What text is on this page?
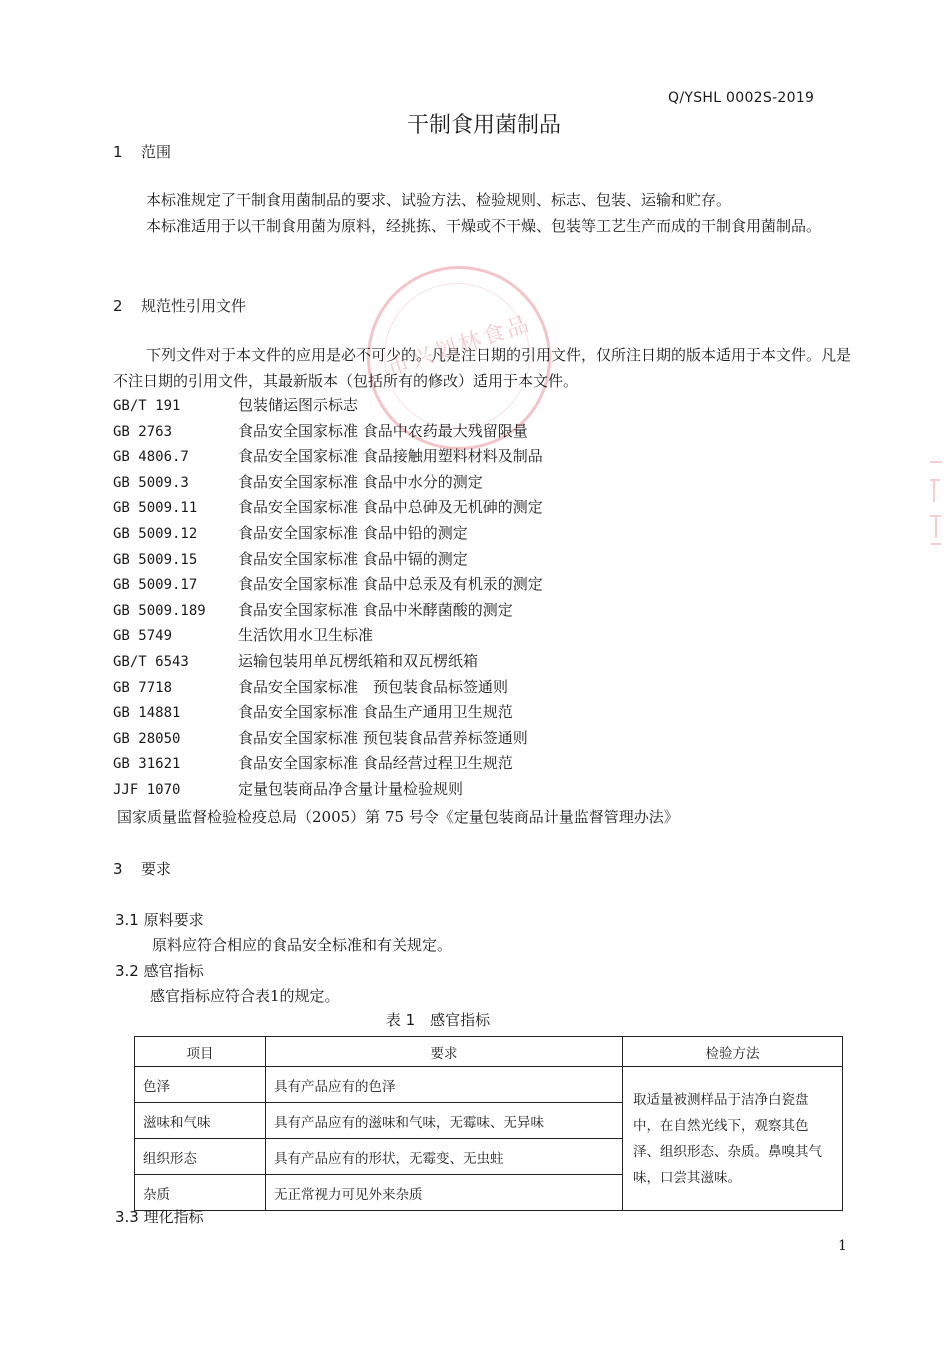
Q/YSHL 0002S-2019
干制食用菌制品
1 范围
本标准规定了干制食用菌制品的要求、试验方法、检验规则、标志、包装、运输和贮存。
本标准适用于以干制食用菌为原料，经挑拣、干燥或不干燥、包装等工艺生产而成的干制食用菌制品。
市兴划林食品
2 规范性引用文件
下列文件对于本文件的应用是必不可少的。凡是注日期的引用文件，仅所注日期的版本适用于本文件。凡是不注日期的引用文件，其最新版本（包括所有的修改）适用于本文件。
GB/T 191	包装储运图示标志
GB 2763	食品安全国家标准 食品中农药最大残留限量
GB 4806.7	食品安全国家标准 食品接触用塑料材料及制品
GB 5009.3	食品安全国家标准 食品中水分的测定
GB 5009.11	食品安全国家标准 食品中总砷及无机砷的测定
GB 5009.12	食品安全国家标准 食品中铅的测定
GB 5009.15	食品安全国家标准 食品中镉的测定
GB 5009.17	食品安全国家标准 食品中总汞及有机汞的测定
GB 5009.189 食品安全国家标准 食品中米酵菌酸的测定
GB 5749	生活饮用水卫生标准
GB/T 6543	运输包装用单瓦楞纸箱和双瓦楞纸箱
GB 7718	食品安全国家标准　预包装食品标签通则
GB 14881	食品安全国家标准 食品生产通用卫生规范
GB 28050	食品安全国家标准 预包装食品营养标签通则
GB 31621	食品安全国家标准 食品经营过程卫生规范
JJF 1070	定量包装商品净含量计量检验规则
国家质量监督检验检疫总局（2005）第 75 号令《定量包装商品计量监督管理办法》
3 要求
3.1 原料要求
原料应符合相应的食品安全标准和有关规定。
3.2 感官指标
感官指标应符合表1的规定。
表 1　感官指标
项目	要求	检验方法
色泽	具有产品应有的色泽	取适量被测样品于洁净白瓷盘中，在自然光线下，观察其色泽、组织形态、杂质。鼻嗅其气味，口尝其滋味。
滋味和气味	具有产品应有的滋味和气味，无霉味、无异味	
组织形态	具有产品应有的形状，无霉变、无虫蛀	
杂质	无正常视力可见外来杂质	
3.3 理化指标
1
